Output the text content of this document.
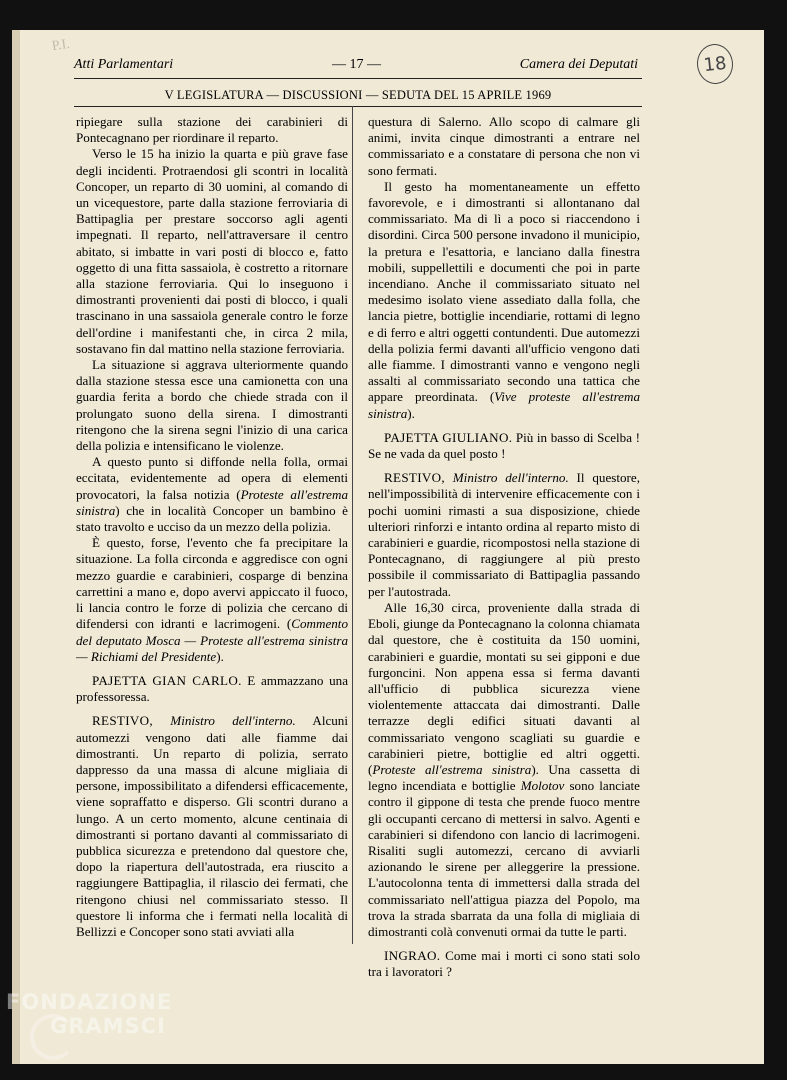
P.I.
18
Atti Parlamentari	— 17 —	Camera dei Deputati
V LEGISLATURA — DISCUSSIONI — SEDUTA DEL 15 APRILE 1969

ripiegare sulla stazione dei carabinieri di Pontecagnano per riordinare il reparto.

Verso le 15 ha inizio la quarta e più grave fase degli incidenti. Protraendosi gli scontri in località Concoper, un reparto di 30 uomini, al comando di un vicequestore, parte dalla stazione ferroviaria di Battipaglia per prestare soccorso agli agenti impegnati. Il reparto, nell'attraversare il centro abitato, si imbatte in vari posti di blocco e, fatto oggetto di una fitta sassaiola, è costretto a ritornare alla stazione ferroviaria. Qui lo inseguono i dimostranti provenienti dai posti di blocco, i quali trascinano in una sassaiola generale contro le forze dell'ordine i manifestanti che, in circa 2 mila, sostavano fin dal mattino nella stazione ferroviaria.

La situazione si aggrava ulteriormente quando dalla stazione stessa esce una camionetta con una guardia ferita a bordo che chiede strada con il prolungato suono della sirena. I dimostranti ritengono che la sirena segni l'inizio di una carica della polizia e intensificano le violenze.

A questo punto si diffonde nella folla, ormai eccitata, evidentemente ad opera di elementi provocatori, la falsa notizia (Proteste all'estrema sinistra) che in località Concoper un bambino è stato travolto e ucciso da un mezzo della polizia.

È questo, forse, l'evento che fa precipitare la situazione. La folla circonda e aggredisce con ogni mezzo guardie e carabinieri, cospargе di benzina carrettini a mano e, dopo avervi appiccato il fuoco, li lancia contro le forze di polizia che cercano di difendersi con idranti e lacrimogeni. (Commento del deputato Mosca — Proteste all'estrema sinistra — Richiami del Presidente).

PAJETTA GIAN CARLO. E ammazzano una professoressa.

RESTIVO, Ministro dell'interno. Alcuni automezzi vengono dati alle fiamme dai dimostranti. Un reparto di polizia, serrato dappresso da una massa di alcune migliaia di persone, impossibilitato a difendersi efficacemente, viene sopraffatto e disperso. Gli scontri durano a lungo. A un certo momento, alcune centinaia di dimostranti si portano davanti al commissariato di pubblica sicurezza e pretendono dal questore che, dopo la riapertura dell'autostrada, era riuscito a raggiungere Battipaglia, il rilascio dei fermati, che ritengono chiusi nel commissariato stesso. Il questore li informa che i fermati nella località di Bellizzi e Concoper sono stati avviati alla

questura di Salerno. Allo scopo di calmare gli animi, invita cinque dimostranti a entrare nel commissariato e a constatare di persona che non vi sono fermati.

Il gesto ha momentaneamente un effetto favorevole, e i dimostranti si allontanano dal commissariato. Ma di lì a poco si riaccendono i disordini. Circa 500 persone invadono il municipio, la pretura e l'esattoria, e lanciano dalla finestra mobili, suppellettili e documenti che poi in parte incendiano. Anche il commissariato situato nel medesimo isolato viene assediato dalla folla, che lancia pietre, bottiglie incendiarie, rottami di legno e di ferro e altri oggetti contundenti. Due automezzi della polizia fermi davanti all'ufficio vengono dati alle fiamme. I dimostranti vanno e vengono negli assalti al commissariato secondo una tattica che appare preordinata. (Vive proteste all'estrema sinistra).

PAJETTA GIULIANO. Più in basso di Scelba ! Se ne vada da quel posto !

RESTIVO, Ministro dell'interno. Il questore, nell'impossibilità di intervenire efficacemente con i pochi uomini rimasti a sua disposizione, chiede ulteriori rinforzi e intanto ordina al reparto misto di carabinieri e guardie, ricompostosi nella stazione di Pontecagnano, di raggiungere al più presto possibile il commissariato di Battipaglia passando per l'autostrada.

Alle 16,30 circa, proveniente dalla strada di Eboli, giunge da Pontecagnano la colonna chiamata dal questore, che è costituita da 150 uomini, carabinieri e guardie, montati su sei gipponi e due furgoncini. Non appena essa si ferma davanti all'ufficio di pubblica sicurezza viene violentemente attaccata dai dimostranti. Dalle terrazze degli edifici situati davanti al commissariato vengono scagliati su guardie e carabinieri pietre, bottiglie ed altri oggetti. (Proteste all'estrema sinistra). Una cassetta di legno incendiata e bottiglie Molotov sono lanciate contro il gippone di testa che prende fuoco mentre gli occupanti cercano di mettersi in salvo. Agenti e carabinieri si difendono con lancio di lacrimogeni. Risaliti sugli automezzi, cercano di avviarli azionando le sirene per alleggerire la pressione. L'autocolonna tenta di immettersi dalla strada del commissariato nell'attigua piazza del Popolo, ma trova la strada sbarrata da una folla di migliaia di dimostranti colà convenuti ormai da tutte le parti.

INGRAO. Come mai i morti ci sono stati solo tra i lavoratori ?

FONDAZIONE
GRAMSCI
